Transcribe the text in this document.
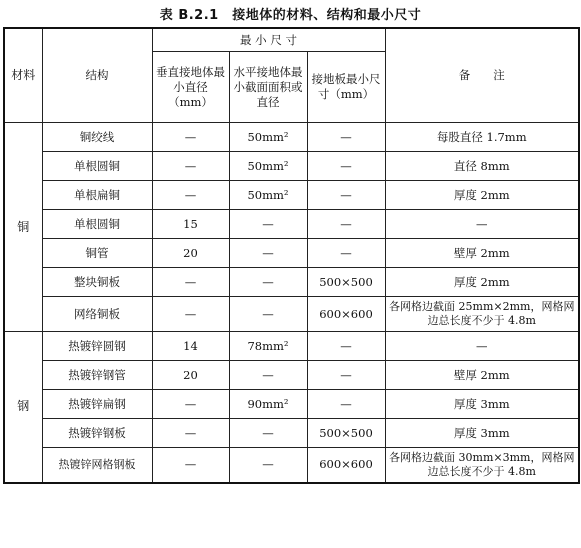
表 B.2.1　接地体的材料、结构和最小尺寸
材料	结构	最 小 尺 寸			备　　注
		垂直接地体最小直径（mm）	水平接地体最小截面面积或直径	接地板最小尺寸（mm）	
铜	铜绞线	—	50mm²	—	每股直径 1.7mm
	单根圆铜	—	50mm²	—	直径 8mm
	单根扁铜	—	50mm²	—	厚度 2mm
	单根圆铜	15	—	—	—
	铜管	20	—	—	壁厚 2mm
	整块铜板	—	—	500×500	厚度 2mm
	网络铜板	—	—	600×600	各网格边截面 25mm×2mm，网格网边总长度不少于 4.8m
钢	热镀锌圆钢	14	78mm²	—	—
	热镀锌钢管	20	—	—	壁厚 2mm
	热镀锌扁钢	—	90mm²	—	厚度 3mm
	热镀锌钢板	—	—	500×500	厚度 3mm
	热镀锌网格钢板	—	—	600×600	各网格边截面 30mm×3mm，网格网边总长度不少于 4.8m
